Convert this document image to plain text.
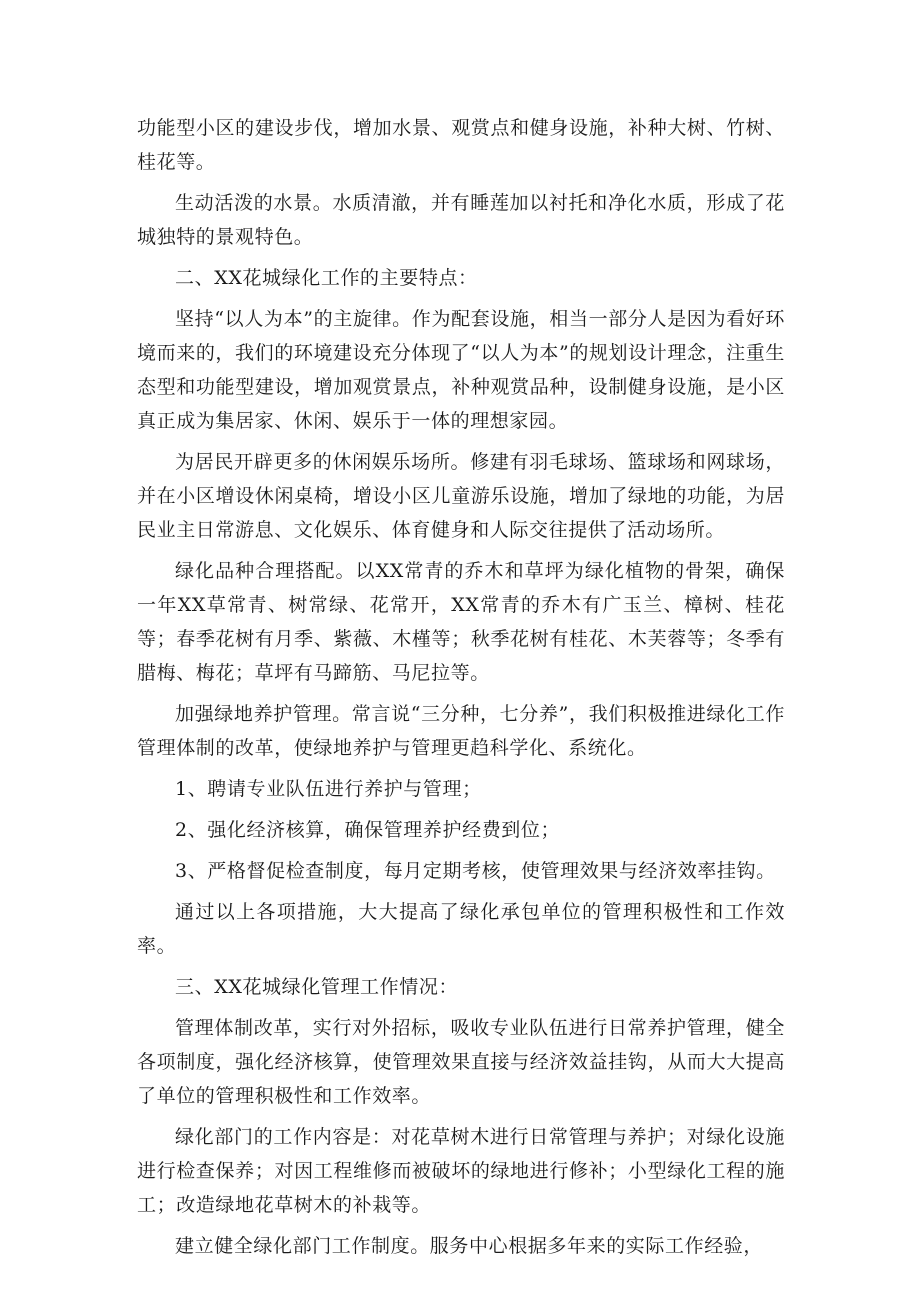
功能型小区的建设步伐，增加水景、观赏点和健身设施，补种大树、竹树、桂花等。

生动活泼的水景。水质清澈，并有睡莲加以衬托和净化水质，形成了花城独特的景观特色。

二、XX花城绿化工作的主要特点：

坚持“以人为本”的主旋律。作为配套设施，相当一部分人是因为看好环境而来的，我们的环境建设充分体现了“以人为本”的规划设计理念，注重生态型和功能型建设，增加观赏景点，补种观赏品种，设制健身设施，是小区真正成为集居家、休闲、娱乐于一体的理想家园。

为居民开辟更多的休闲娱乐场所。修建有羽毛球场、篮球场和网球场，并在小区增设休闲桌椅，增设小区儿童游乐设施，增加了绿地的功能，为居民业主日常游息、文化娱乐、体育健身和人际交往提供了活动场所。

绿化品种合理搭配。以XX常青的乔木和草坪为绿化植物的骨架，确保一年XX草常青、树常绿、花常开，XX常青的乔木有广玉兰、樟树、桂花等；春季花树有月季、紫薇、木槿等；秋季花树有桂花、木芙蓉等；冬季有腊梅、梅花；草坪有马蹄筋、马尼拉等。

加强绿地养护管理。常言说“三分种，七分养”，我们积极推进绿化工作管理体制的改革，使绿地养护与管理更趋科学化、系统化。

1、聘请专业队伍进行养护与管理；

2、强化经济核算，确保管理养护经费到位；

3、严格督促检查制度，每月定期考核，使管理效果与经济效率挂钩。

通过以上各项措施，大大提高了绿化承包单位的管理积极性和工作效率。

三、XX花城绿化管理工作情况：

管理体制改革，实行对外招标，吸收专业队伍进行日常养护管理，健全各项制度，强化经济核算，使管理效果直接与经济效益挂钩，从而大大提高了单位的管理积极性和工作效率。

绿化部门的工作内容是：对花草树木进行日常管理与养护；对绿化设施进行检查保养；对因工程维修而被破坏的绿地进行修补；小型绿化工程的施工；改造绿地花草树木的补栽等。

建立健全绿化部门工作制度。服务中心根据多年来的实际工作经验，
